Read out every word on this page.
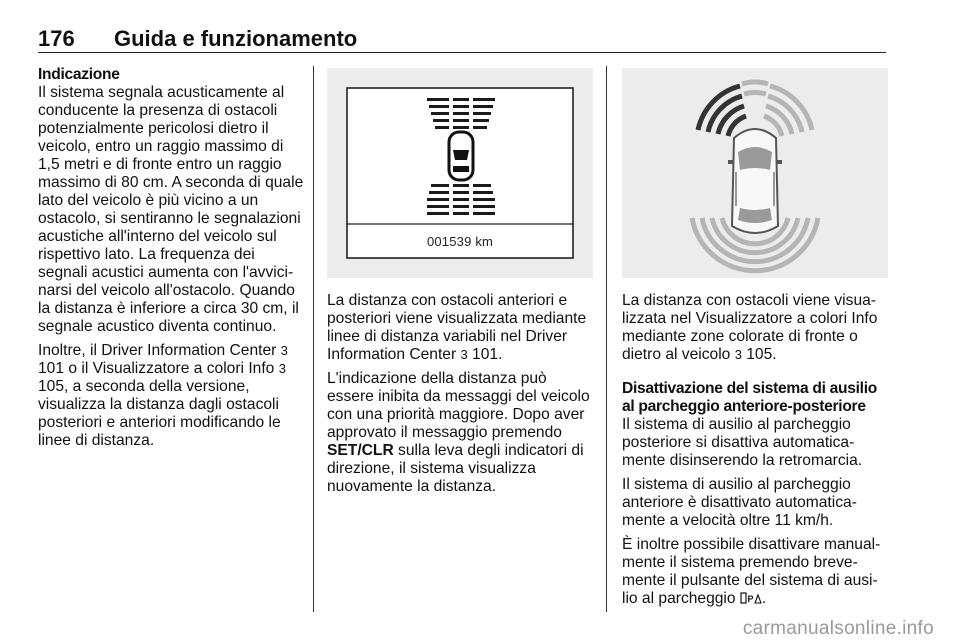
176 Guida e funzionamento
Indicazione

Il sistema segnala acusticamente al conducente la presenza di ostacoli potenzialmente pericolosi dietro il veicolo, entro un raggio massimo di 1,5 metri e di fronte entro un raggio massimo di 80 cm. A seconda di quale lato del veicolo è più vicino a un ostacolo, si sentiranno le segnalazioni acustiche all'interno del veicolo sul rispettivo lato. La frequenza dei segnali acustici aumenta con l'avvicinarsi del veicolo all'ostacolo. Quando la distanza è inferiore a circa 30 cm, il segnale acustico diventa continuo.

Inoltre, il Driver Information Center 3 101 o il Visualizzatore a colori Info 3 105, a seconda della versione, visualizza la distanza dagli ostacoli posteriori e anteriori modificando le linee di distanza.

001539 km

La distanza con ostacoli anteriori e posteriori viene visualizzata mediante linee di distanza variabili nel Driver Information Center 3 101.

L'indicazione della distanza può essere inibita da messaggi del veicolo con una priorità maggiore. Dopo aver approvato il messaggio premendo SET/CLR sulla leva degli indicatori di direzione, il sistema visualizza nuovamente la distanza.

La distanza con ostacoli viene visualizzata nel Visualizzatore a colori Info mediante zone colorate di fronte o dietro al veicolo 3 105.

Disattivazione del sistema di ausilio al parcheggio anteriore-posteriore

Il sistema di ausilio al parcheggio posteriore si disattiva automaticamente disinserendo la retromarcia.

Il sistema di ausilio al parcheggio anteriore è disattivato automaticamente a velocità oltre 11 km/h.

È inoltre possibile disattivare manualmente il sistema premendo brevemente il pulsante del sistema di ausilio al parcheggio P .

carmanualsonline.info
